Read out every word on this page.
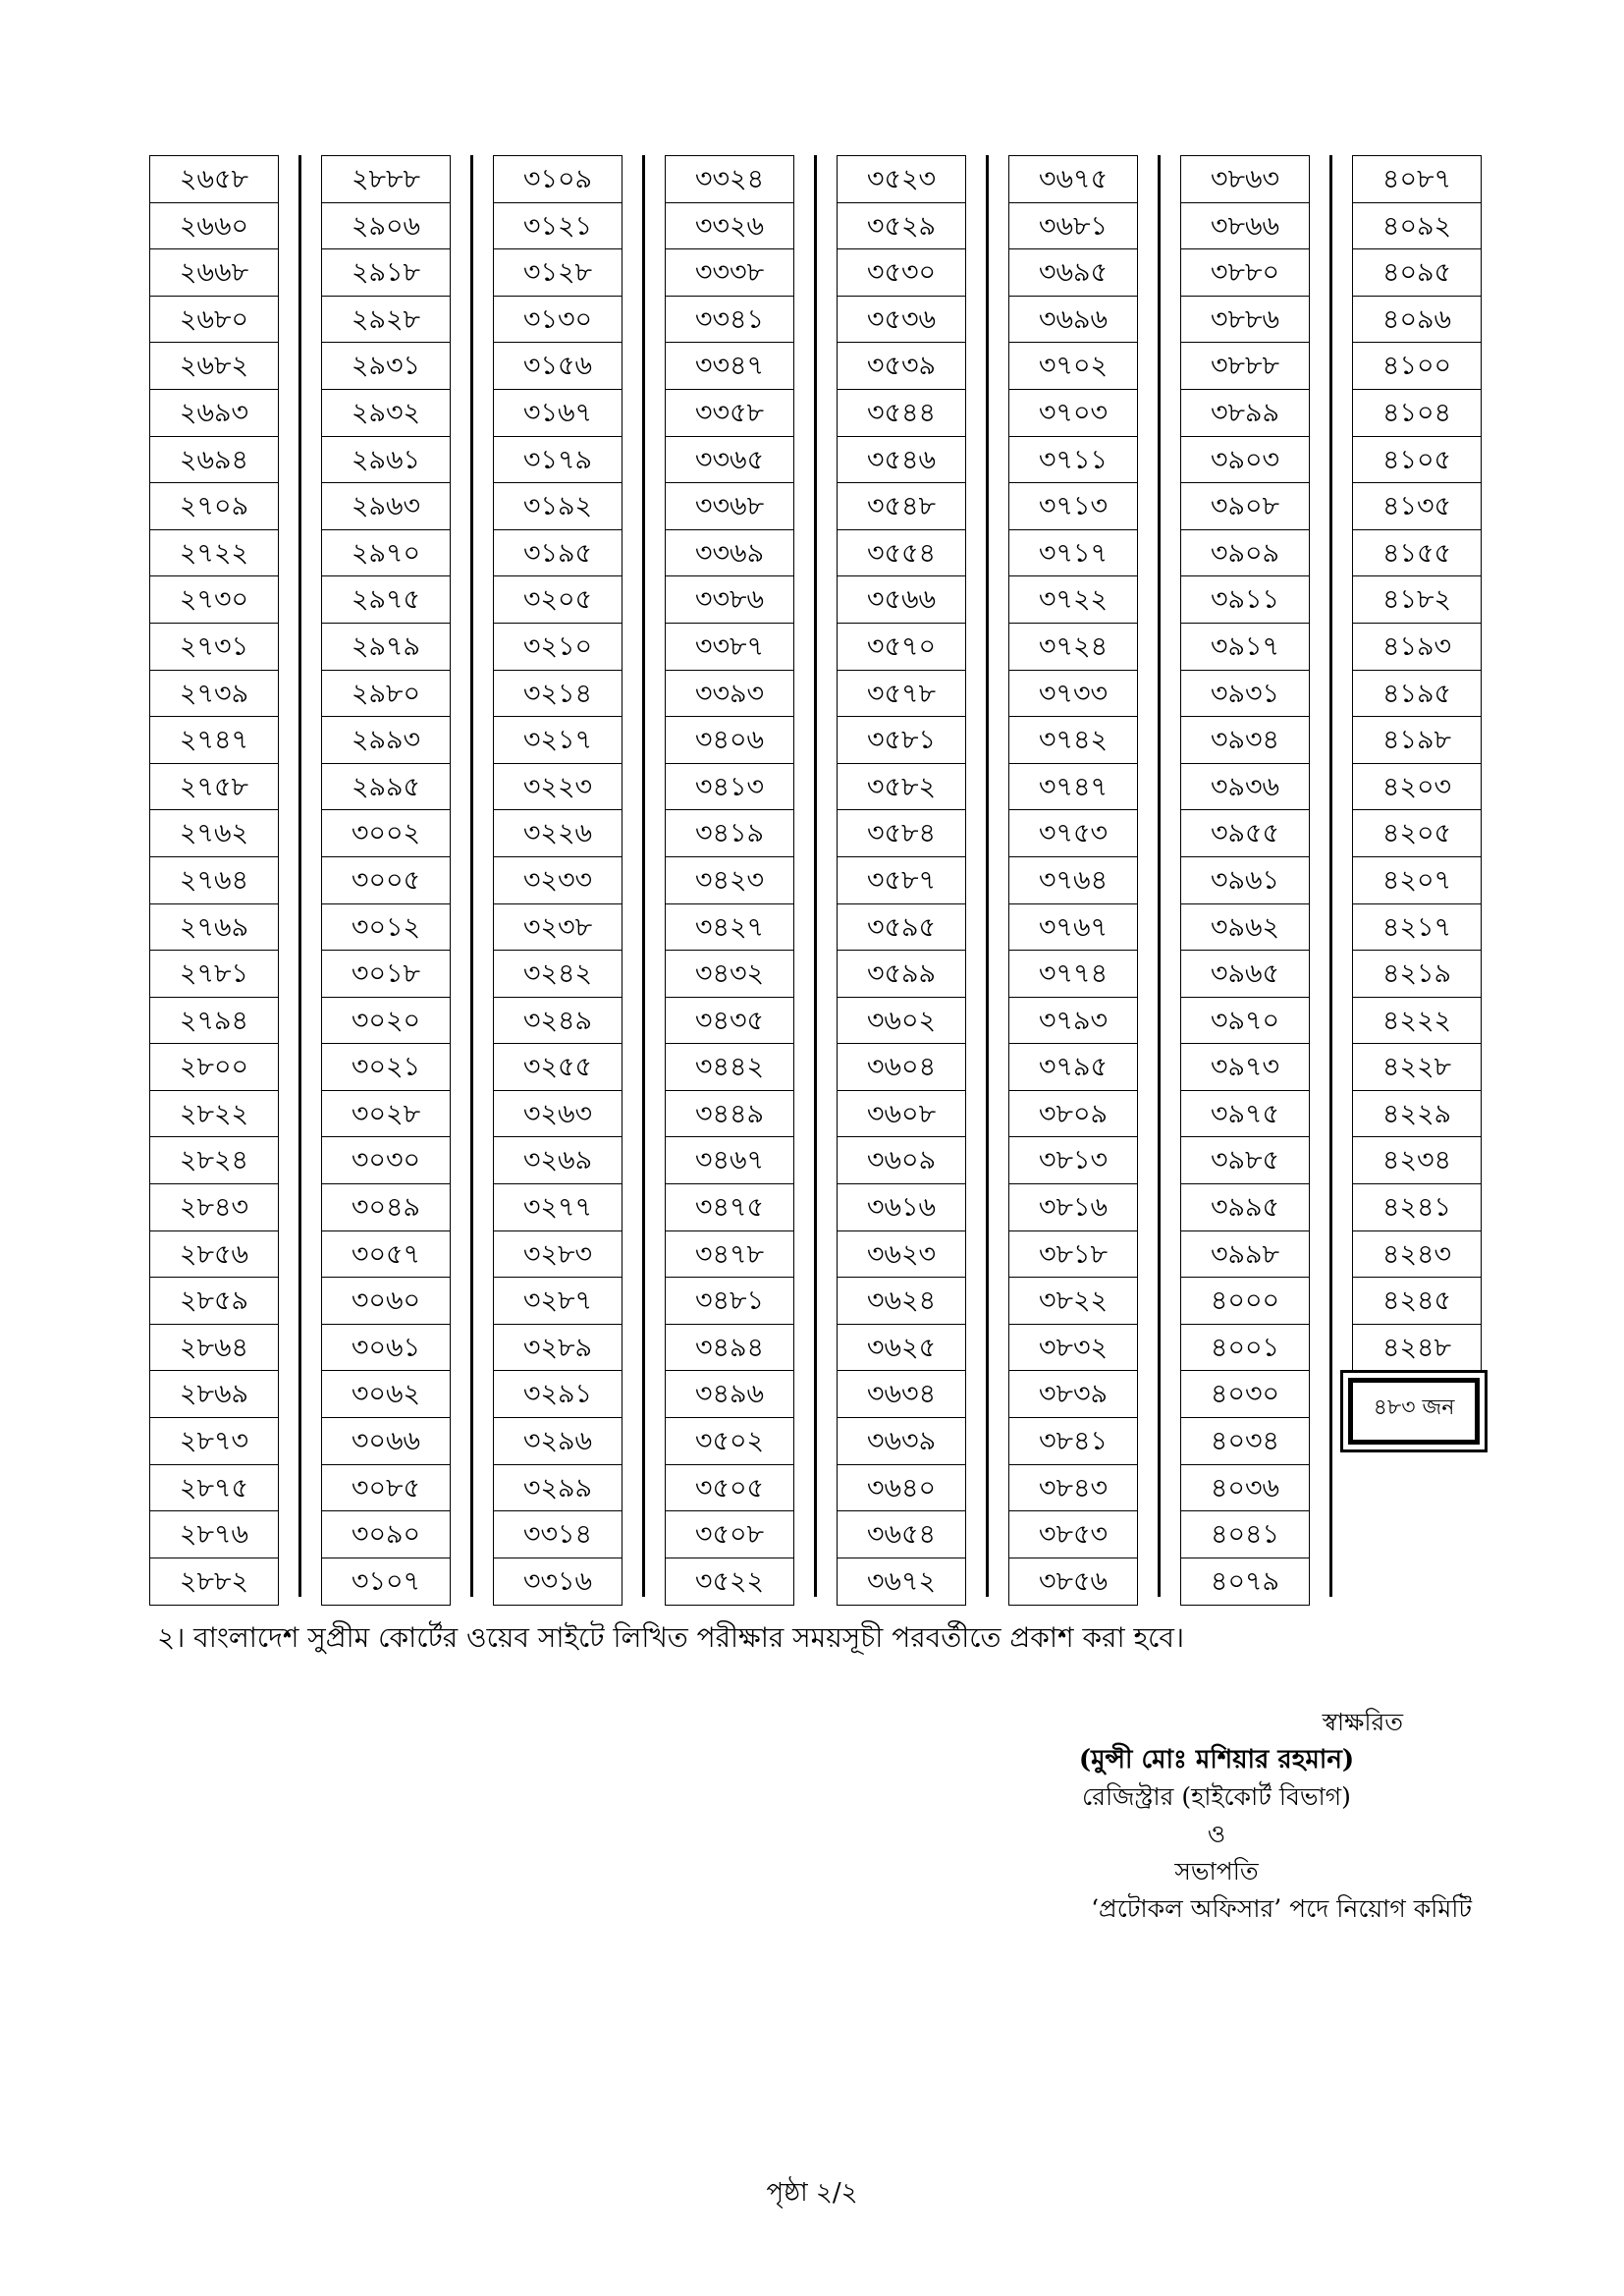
২৬৫৮
২৬৬০
২৬৬৮
২৬৮০
২৬৮২
২৬৯৩
২৬৯৪
২৭০৯
২৭২২
২৭৩০
২৭৩১
২৭৩৯
২৭৪৭
২৭৫৮
২৭৬২
২৭৬৪
২৭৬৯
২৭৮১
২৭৯৪
২৮০০
২৮২২
২৮২৪
২৮৪৩
২৮৫৬
২৮৫৯
২৮৬৪
২৮৬৯
২৮৭৩
২৮৭৫
২৮৭৬
২৮৮২
২৮৮৮
২৯০৬
২৯১৮
২৯২৮
২৯৩১
২৯৩২
২৯৬১
২৯৬৩
২৯৭০
২৯৭৫
২৯৭৯
২৯৮০
২৯৯৩
২৯৯৫
৩০০২
৩০০৫
৩০১২
৩০১৮
৩০২০
৩০২১
৩০২৮
৩০৩০
৩০৪৯
৩০৫৭
৩০৬০
৩০৬১
৩০৬২
৩০৬৬
৩০৮৫
৩০৯০
৩১০৭
৩১০৯
৩১২১
৩১২৮
৩১৩০
৩১৫৬
৩১৬৭
৩১৭৯
৩১৯২
৩১৯৫
৩২০৫
৩২১০
৩২১৪
৩২১৭
৩২২৩
৩২২৬
৩২৩৩
৩২৩৮
৩২৪২
৩২৪৯
৩২৫৫
৩২৬৩
৩২৬৯
৩২৭৭
৩২৮৩
৩২৮৭
৩২৮৯
৩২৯১
৩২৯৬
৩২৯৯
৩৩১৪
৩৩১৬
৩৩২৪
৩৩২৬
৩৩৩৮
৩৩৪১
৩৩৪৭
৩৩৫৮
৩৩৬৫
৩৩৬৮
৩৩৬৯
৩৩৮৬
৩৩৮৭
৩৩৯৩
৩৪০৬
৩৪১৩
৩৪১৯
৩৪২৩
৩৪২৭
৩৪৩২
৩৪৩৫
৩৪৪২
৩৪৪৯
৩৪৬৭
৩৪৭৫
৩৪৭৮
৩৪৮১
৩৪৯৪
৩৪৯৬
৩৫০২
৩৫০৫
৩৫০৮
৩৫২২
৩৫২৩
৩৫২৯
৩৫৩০
৩৫৩৬
৩৫৩৯
৩৫৪৪
৩৫৪৬
৩৫৪৮
৩৫৫৪
৩৫৬৬
৩৫৭০
৩৫৭৮
৩৫৮১
৩৫৮২
৩৫৮৪
৩৫৮৭
৩৫৯৫
৩৫৯৯
৩৬০২
৩৬০৪
৩৬০৮
৩৬০৯
৩৬১৬
৩৬২৩
৩৬২৪
৩৬২৫
৩৬৩৪
৩৬৩৯
৩৬৪০
৩৬৫৪
৩৬৭২
৩৬৭৫
৩৬৮১
৩৬৯৫
৩৬৯৬
৩৭০২
৩৭০৩
৩৭১১
৩৭১৩
৩৭১৭
৩৭২২
৩৭২৪
৩৭৩৩
৩৭৪২
৩৭৪৭
৩৭৫৩
৩৭৬৪
৩৭৬৭
৩৭৭৪
৩৭৯৩
৩৭৯৫
৩৮০৯
৩৮১৩
৩৮১৬
৩৮১৮
৩৮২২
৩৮৩২
৩৮৩৯
৩৮৪১
৩৮৪৩
৩৮৫৩
৩৮৫৬
৩৮৬৩
৩৮৬৬
৩৮৮০
৩৮৮৬
৩৮৮৮
৩৮৯৯
৩৯০৩
৩৯০৮
৩৯০৯
৩৯১১
৩৯১৭
৩৯৩১
৩৯৩৪
৩৯৩৬
৩৯৫৫
৩৯৬১
৩৯৬২
৩৯৬৫
৩৯৭০
৩৯৭৩
৩৯৭৫
৩৯৮৫
৩৯৯৫
৩৯৯৮
৪০০০
৪০০১
৪০৩০
৪০৩৪
৪০৩৬
৪০৪১
৪০৭৯
৪০৮৭
৪০৯২
৪০৯৫
৪০৯৬
৪১০০
৪১০৪
৪১০৫
৪১৩৫
৪১৫৫
৪১৮২
৪১৯৩
৪১৯৫
৪১৯৮
৪২০৩
৪২০৫
৪২০৭
৪২১৭
৪২১৯
৪২২২
৪২২৮
৪২২৯
৪২৩৪
৪২৪১
৪২৪৩
৪২৪৫
৪২৪৮
৪৮৩ জন
২। বাংলাদেশ সুপ্রীম কোর্টের ওয়েব সাইটে লিখিত পরীক্ষার সময়সূচী পরবর্তীতে প্রকাশ করা হবে।
স্বাক্ষরিত
(মুন্সী মোঃ মশিয়ার রহমান)
রেজিস্ট্রার (হাইকোর্ট বিভাগ)
ও
সভাপতি
‘প্রটোকল অফিসার’ পদে নিয়োগ কমিটি
পৃষ্ঠা ২/২
